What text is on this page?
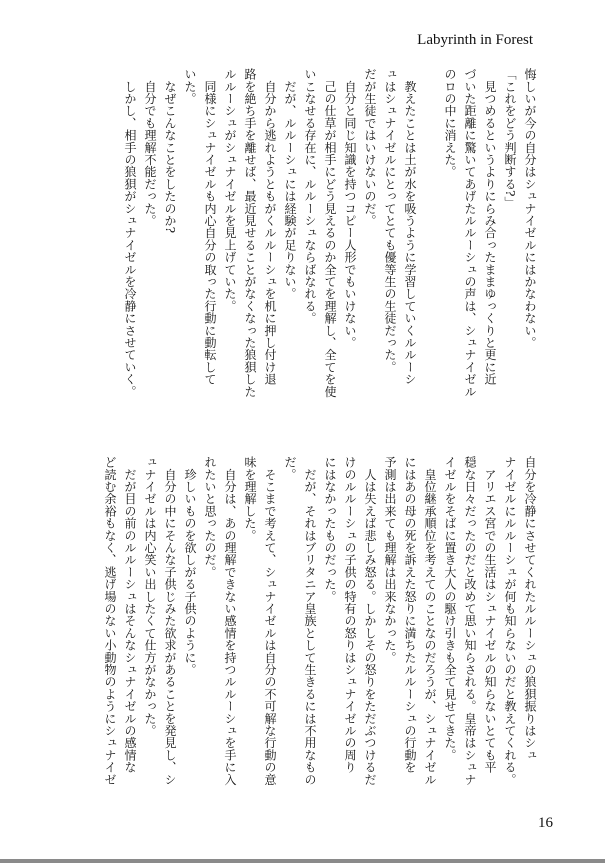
Labyrinth in Forest

悔しいが今の自分はシュナイゼルにはかなわない。

「これをどう判断する?」

　見つめるというよりにらみ合ったままゆっくりと更に近

づいた距離に驚いてあげたルルーシュの声は、シュナイゼル

のロの中に消えた。

　教えたことは土が水を吸うように学習していくルルーシ

ュはシュナイゼルにとってとても優等生の生徒だった。

だが生徒ではいけないのだ。

　自分と同じ知識を持つコピー人形でもいけない。

　己の仕草が相手にどう見えるのか全てを理解し、全てを使

いこなせる存在に、ルルーシュならばなれる。

　だが、ルルーシュには経験が足りない。

　自分から逃れようともがくルルーシュを机に押し付け退

路を絶ち手を離せば、最近見せることがなくなった狼狽した

ルルーシュがシュナイゼルを見上げていた。

　同様にシュナイゼルも内心自分の取った行動に動転して

いた。

　なぜこんなことをしたのか?

　自分でも理解不能だった。

　しかし、相手の狼狽がシュナイゼルを冷静にさせていく。

自分を冷静にさせてくれたルルーシュの狼狽振りはシュ

ナイゼルにルルーシュが何も知らないのだと教えてくれる。

　アリエス宮での生活はシュナイゼルの知らないとても平

穏な日々だったのだと改めて思い知らされる。皇帝はシュナ

イゼルをそばに置き大人の駆け引きも全て見せてきた。

　皇位継承順位を考えてのことなのだろうが、シュナイゼル

にはあの母の死を訴えた怒りに満ちたルルーシュの行動を

予測は出来ても理解は出来なかった。

　人は失えば悲しみ怒る。しかしその怒りをただぶつけるだ

けのルルーシュの子供の特有の怒りはシュナイゼルの周り

にはなかったものだった。

　だが、それはブリタニア皇族として生きるには不用なもの

だ。

　そこまで考えて、シュナイゼルは自分の不可解な行動の意

味を理解した。

　自分は、あの理解できない感情を持つルルーシュを手に入

れたいと思ったのだ。

　珍しいものを欲しがる子供のように。

　自分の中にそんな子供じみた欲求があることを発見し、シ

ュナイゼルは内心笑い出したくて仕方がなかった。

　だが目の前のルルーシュはそんなシュナイゼルの感情な

ど読む余裕もなく、逃げ場のない小動物のようにシュナイゼ

16
